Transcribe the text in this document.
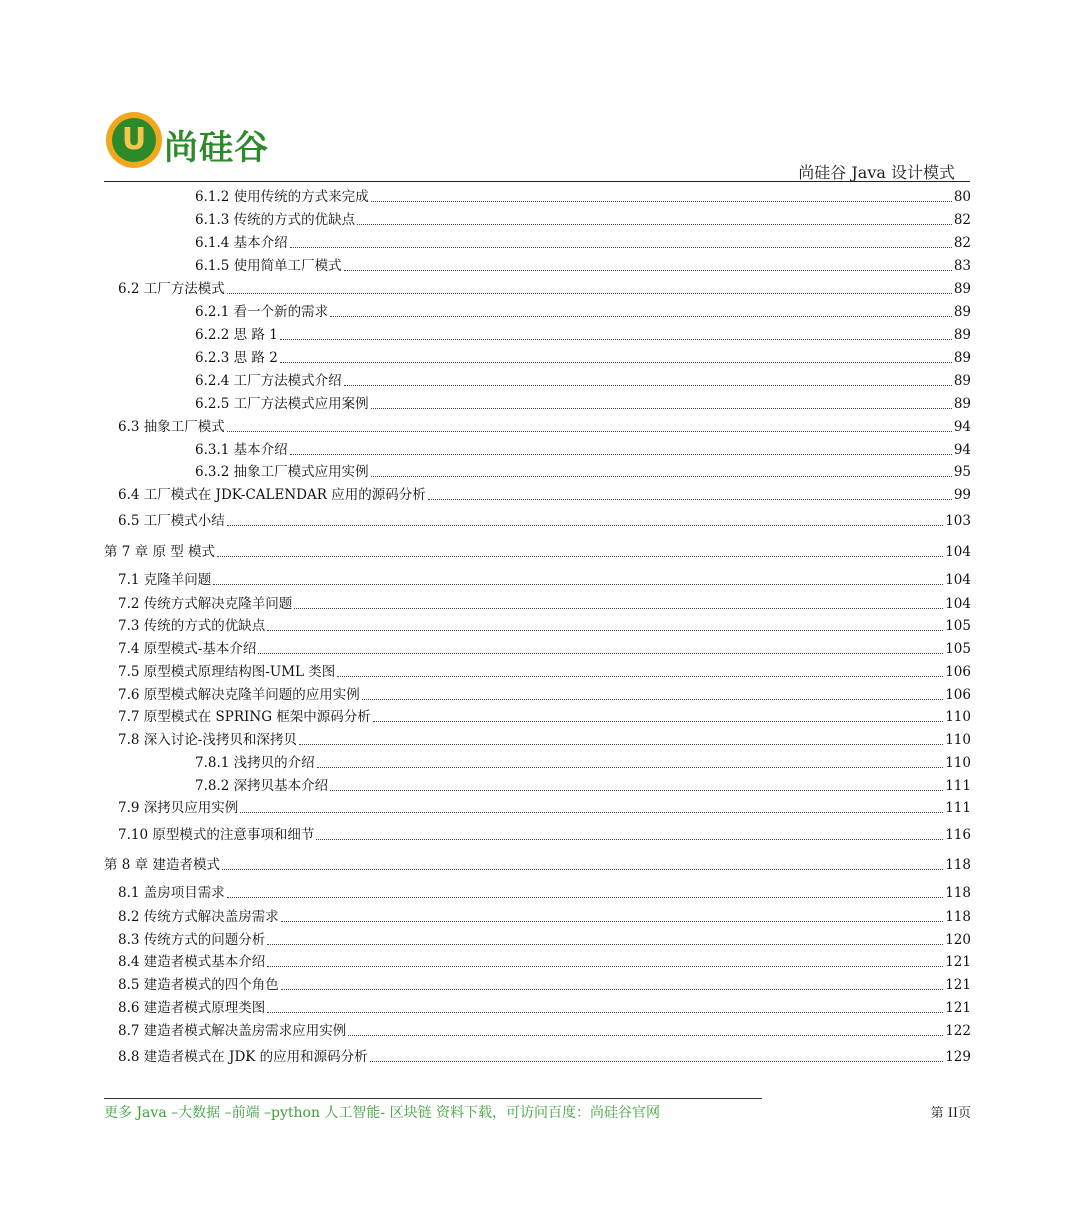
U 尚硅谷
尚硅谷 Java 设计模式
6.1.2 使用传统的方式来完成	80
6.1.3 传统的方式的优缺点	82
6.1.4 基本介绍	82
6.1.5 使用简单工厂模式	83
6.2 工厂方法模式	89
6.2.1 看一个新的需求	89
6.2.2 思 路 1	89
6.2.3 思 路 2	89
6.2.4 工厂方法模式介绍	89
6.2.5 工厂方法模式应用案例	89
6.3 抽象工厂模式	94
6.3.1 基本介绍	94
6.3.2 抽象工厂模式应用实例	95
6.4 工厂模式在 JDK-CALENDAR 应用的源码分析	99
6.5 工厂模式小结	103
第 7 章 原 型 模式	104
7.1 克隆羊问题	104
7.2 传统方式解决克隆羊问题	104
7.3 传统的方式的优缺点	105
7.4 原型模式-基本介绍	105
7.5 原型模式原理结构图-UML 类图	106
7.6 原型模式解决克隆羊问题的应用实例	106
7.7 原型模式在 SPRING 框架中源码分析	110
7.8 深入讨论-浅拷贝和深拷贝	110
7.8.1 浅拷贝的介绍	110
7.8.2 深拷贝基本介绍	111
7.9 深拷贝应用实例	111
7.10 原型模式的注意事项和细节	116
第 8 章 建造者模式	118
8.1 盖房项目需求	118
8.2 传统方式解决盖房需求	118
8.3 传统方式的问题分析	120
8.4 建造者模式基本介绍	121
8.5 建造者模式的四个角色	121
8.6 建造者模式原理类图	121
8.7 建造者模式解决盖房需求应用实例	122
8.8 建造者模式在 JDK 的应用和源码分析	129
更多 Java –大数据 –前端 –python 人工智能- 区块链 资料下载，可访问百度：尚硅谷官网	第 II页
